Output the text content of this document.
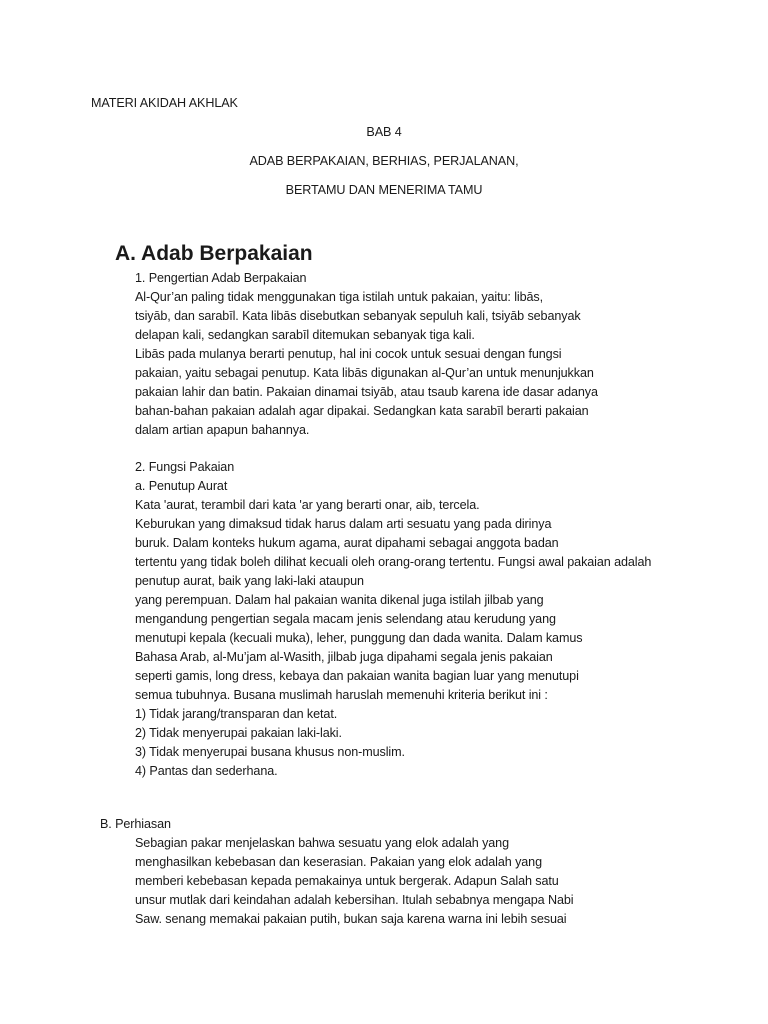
MATERI AKIDAH AKHLAK
BAB 4
ADAB BERPAKAIAN, BERHIAS, PERJALANAN,
BERTAMU DAN MENERIMA TAMU
A. Adab Berpakaian
1. Pengertian Adab Berpakaian
Al-Qur’an paling tidak menggunakan tiga istilah untuk pakaian, yaitu: libās,
tsiyāb, dan sarabīl. Kata libās disebutkan sebanyak sepuluh kali, tsiyāb sebanyak
delapan kali, sedangkan sarabīl ditemukan sebanyak tiga kali.
Libās pada mulanya berarti penutup, hal ini cocok untuk sesuai dengan fungsi
pakaian, yaitu sebagai penutup. Kata libās digunakan al-Qur’an untuk menunjukkan
pakaian lahir dan batin. Pakaian dinamai tsiyāb, atau tsaub karena ide dasar adanya
bahan-bahan pakaian adalah agar dipakai. Sedangkan kata sarabīl berarti pakaian
dalam artian apapun bahannya.
2. Fungsi Pakaian
a. Penutup Aurat
Kata 'aurat, terambil dari kata 'ar yang berarti onar, aib, tercela.
Keburukan yang dimaksud tidak harus dalam arti sesuatu yang pada dirinya
buruk. Dalam konteks hukum agama, aurat dipahami sebagai anggota badan
tertentu yang tidak boleh dilihat kecuali oleh orang-orang tertentu. Fungsi awal pakaian adalah
penutup aurat, baik yang laki-laki ataupun
yang perempuan. Dalam hal pakaian wanita dikenal juga istilah jilbab yang
mengandung pengertian segala macam jenis selendang atau kerudung yang
menutupi kepala (kecuali muka), leher, punggung dan dada wanita. Dalam kamus
Bahasa Arab, al-Mu’jam al-Wasith, jilbab juga dipahami segala jenis pakaian
seperti gamis, long dress, kebaya dan pakaian wanita bagian luar yang menutupi
semua tubuhnya. Busana muslimah haruslah memenuhi kriteria berikut ini :
1) Tidak jarang/transparan dan ketat.
2) Tidak menyerupai pakaian laki-laki.
3) Tidak menyerupai busana khusus non-muslim.
4) Pantas dan sederhana.
B. Perhiasan
Sebagian pakar menjelaskan bahwa sesuatu yang elok adalah yang
menghasilkan kebebasan dan keserasian. Pakaian yang elok adalah yang
memberi kebebasan kepada pemakainya untuk bergerak. Adapun Salah satu
unsur mutlak dari keindahan adalah kebersihan. Itulah sebabnya mengapa Nabi
Saw. senang memakai pakaian putih, bukan saja karena warna ini lebih sesuai
